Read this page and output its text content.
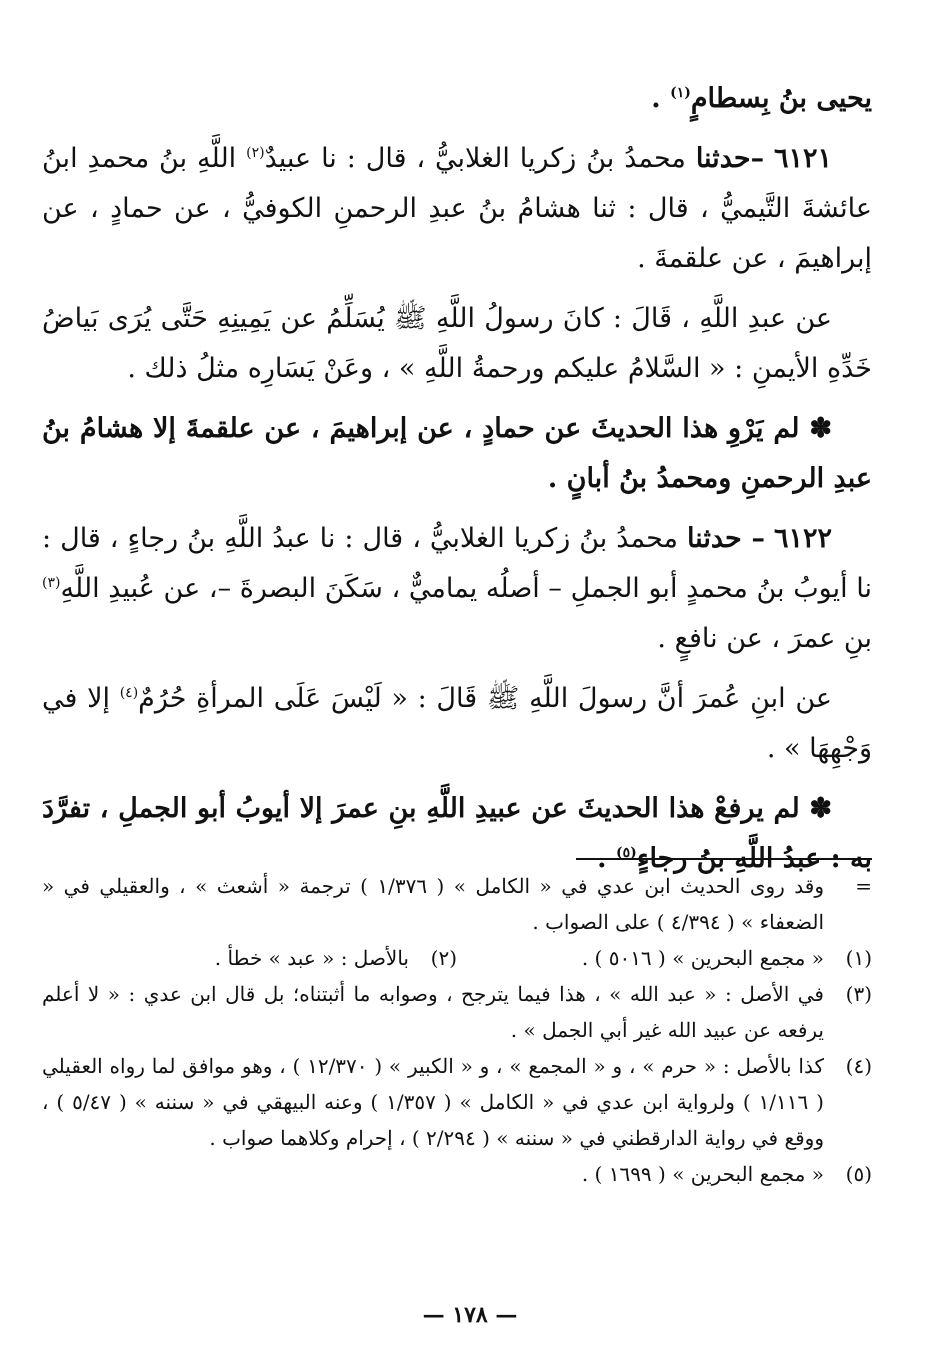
يحيى بنُ بِسطامٍ$^{(١)}$ .

٦١٢١ –حدثنا محمدُ بنُ زكريا الغلابيُّ ، قال : نا عبيدٌ$^{(٢)}$ اللَّهِ بنُ محمدِ ابنُ عائشةَ التَّيميُّ ، قال : ثنا هشامُ بنُ عبدِ الرحمنِ الكوفيُّ ، عن حمادٍ ، عن إبراهيمَ ، عن علقمةَ .

عن عبدِ اللَّهِ ، قَالَ : كانَ رسولُ اللَّهِ ﷺ يُسَلِّمُ عن يَمِينِهِ حَتَّى يُرَى بَياضُ خَدِّهِ الأيمنِ : « السَّلامُ عليكم ورحمةُ اللَّهِ » ، وعَنْ يَسَارِه مثلُ ذلك .

✽ لم يَرْوِ هذا الحديثَ عن حمادٍ ، عن إبراهيمَ ، عن علقمةَ إلا هشامُ بنُ عبدِ الرحمنِ ومحمدُ بنُ أبانٍ .

٦١٢٢ – حدثنا محمدُ بنُ زكريا الغلابيُّ ، قال : نا عبدُ اللَّهِ بنُ رجاءٍ ، قال : نا أيوبُ بنُ محمدٍ أبو الجملِ – أصلُه يماميٌّ ، سَكَنَ البصرةَ –، عن عُبيدِ اللَّهِ$^{(٣)}$ بنِ عمرَ ، عن نافعٍ .

عن ابنِ عُمرَ أنَّ رسولَ اللَّهِ ﷺ قَالَ : « لَيْسَ عَلَى المرأةِ حُرُمٌ$^{(٤)}$ إلا في وَجْهِهَا » .

✽ لم يرفعْ هذا الحديثَ عن عبيدِ اللَّهِ بنِ عمرَ إلا أيوبُ أبو الجملِ ، تفرَّدَ به : عبدُ اللَّهِ بنُ رجاءٍ$^{(٥)}$ .

=
وقد روى الحديث ابن عدي في « الكامل » ( ١/٣٧٦ ) ترجمة « أشعث » ، والعقيلي في « الضعفاء » ( ٤/٣٩٤ ) على الصواب .
(١)
« مجمع البحرين » ( ٥٠١٦ ) .
(٢)
بالأصل : « عبد » خطأ .
(٣)
في الأصل : « عبد الله » ، هذا فيما يترجح ، وصوابه ما أثبتناه؛ بل قال ابن عدي : « لا أعلم يرفعه عن عبيد الله غير أبي الجمل » .
(٤)
كذا بالأصل : « حرم » ، و « المجمع » ، و « الكبير » ( ١٢/٣٧٠ ) ، وهو موافق لما رواه العقيلي ( ١/١١٦ ) ولرواية ابن عدي في « الكامل » ( ١/٣٥٧ ) وعنه البيهقي في « سننه » ( ٥/٤٧ ) ، ووقع في رواية الدارقطني في « سننه » ( ٢/٢٩٤ ) ، إحرام وكلاهما صواب .
(٥)
« مجمع البحرين » ( ١٦٩٩ ) .
— ١٧٨ —
